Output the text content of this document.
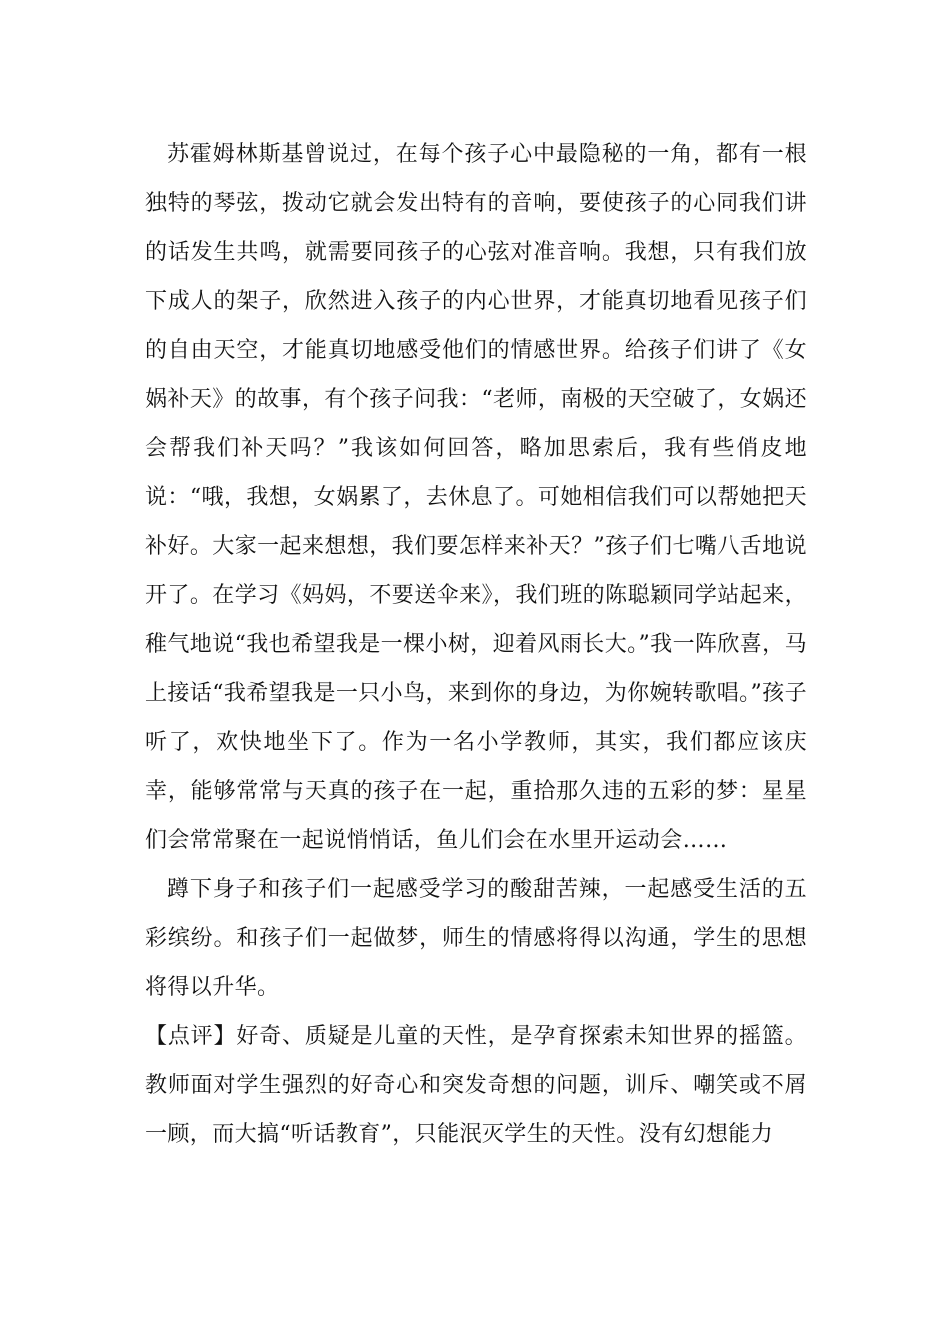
苏霍姆林斯基曾说过，在每个孩子心中最隐秘的一角，都有一根独特的琴弦，拨动它就会发出特有的音响，要使孩子的心同我们讲的话发生共鸣，就需要同孩子的心弦对准音响。我想，只有我们放下成人的架子，欣然进入孩子的内心世界，才能真切地看见孩子们的自由天空，才能真切地感受他们的情感世界。给孩子们讲了《女娲补天》的故事，有个孩子问我：“老师，南极的天空破了，女娲还会帮我们补天吗？”我该如何回答，略加思索后，我有些俏皮地说：“哦，我想，女娲累了，去休息了。可她相信我们可以帮她把天补好。大家一起来想想，我们要怎样来补天？”孩子们七嘴八舌地说开了。在学习《妈妈，不要送伞来》，我们班的陈聪颖同学站起来，稚气地说“我也希望我是一棵小树，迎着风雨长大。”我一阵欣喜，马上接话“我希望我是一只小鸟，来到你的身边，为你婉转歌唱。”孩子听了，欢快地坐下了。作为一名小学教师，其实，我们都应该庆幸，能够常常与天真的孩子在一起，重拾那久违的五彩的梦：星星们会常常聚在一起说悄悄话，鱼儿们会在水里开运动会……

蹲下身子和孩子们一起感受学习的酸甜苦辣，一起感受生活的五彩缤纷。和孩子们一起做梦，师生的情感将得以沟通，学生的思想将得以升华。

【点评】好奇、质疑是儿童的天性，是孕育探索未知世界的摇篮。教师面对学生强烈的好奇心和突发奇想的问题，训斥、嘲笑或不屑一顾，而大搞“听话教育”，只能泯灭学生的天性。没有幻想能力
